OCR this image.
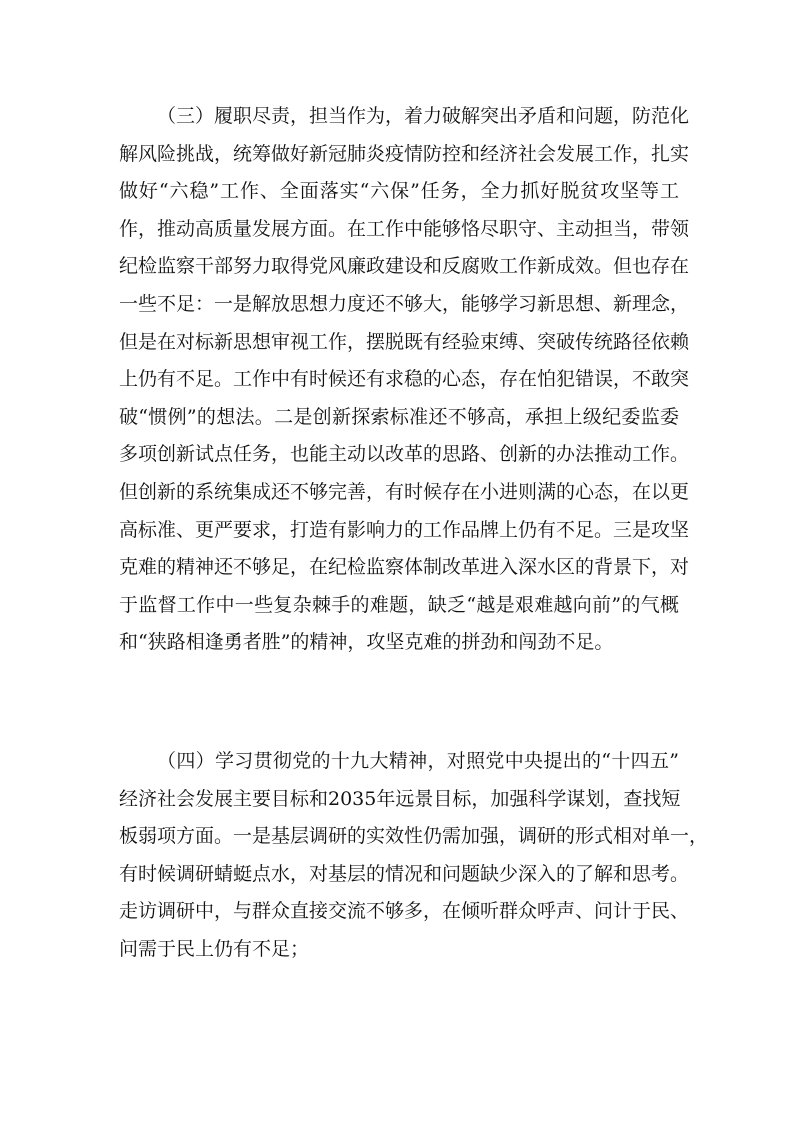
（三）履职尽责，担当作为，着力破解突出矛盾和问题，防范化
解风险挑战，统筹做好新冠肺炎疫情防控和经济社会发展工作，扎实
做好“六稳”工作、全面落实“六保”任务，全力抓好脱贫攻坚等工
作，推动高质量发展方面。在工作中能够恪尽职守、主动担当，带领
纪检监察干部努力取得党风廉政建设和反腐败工作新成效。但也存在
一些不足：一是解放思想力度还不够大，能够学习新思想、新理念，
但是在对标新思想审视工作，摆脱既有经验束缚、突破传统路径依赖
上仍有不足。工作中有时候还有求稳的心态，存在怕犯错误，不敢突
破“惯例”的想法。二是创新探索标准还不够高，承担上级纪委监委
多项创新试点任务，也能主动以改革的思路、创新的办法推动工作。
但创新的系统集成还不够完善，有时候存在小进则满的心态，在以更
高标准、更严要求，打造有影响力的工作品牌上仍有不足。三是攻坚
克难的精神还不够足，在纪检监察体制改革进入深水区的背景下，对
于监督工作中一些复杂棘手的难题，缺乏“越是艰难越向前”的气概
和“狭路相逢勇者胜”的精神，攻坚克难的拼劲和闯劲不足。
（四）学习贯彻党的十九大精神，对照党中央提出的“十四五”
经济社会发展主要目标和2035年远景目标，加强科学谋划，查找短
板弱项方面。一是基层调研的实效性仍需加强，调研的形式相对单一，
有时候调研蜻蜓点水，对基层的情况和问题缺少深入的了解和思考。
走访调研中，与群众直接交流不够多，在倾听群众呼声、问计于民、
问需于民上仍有不足；
